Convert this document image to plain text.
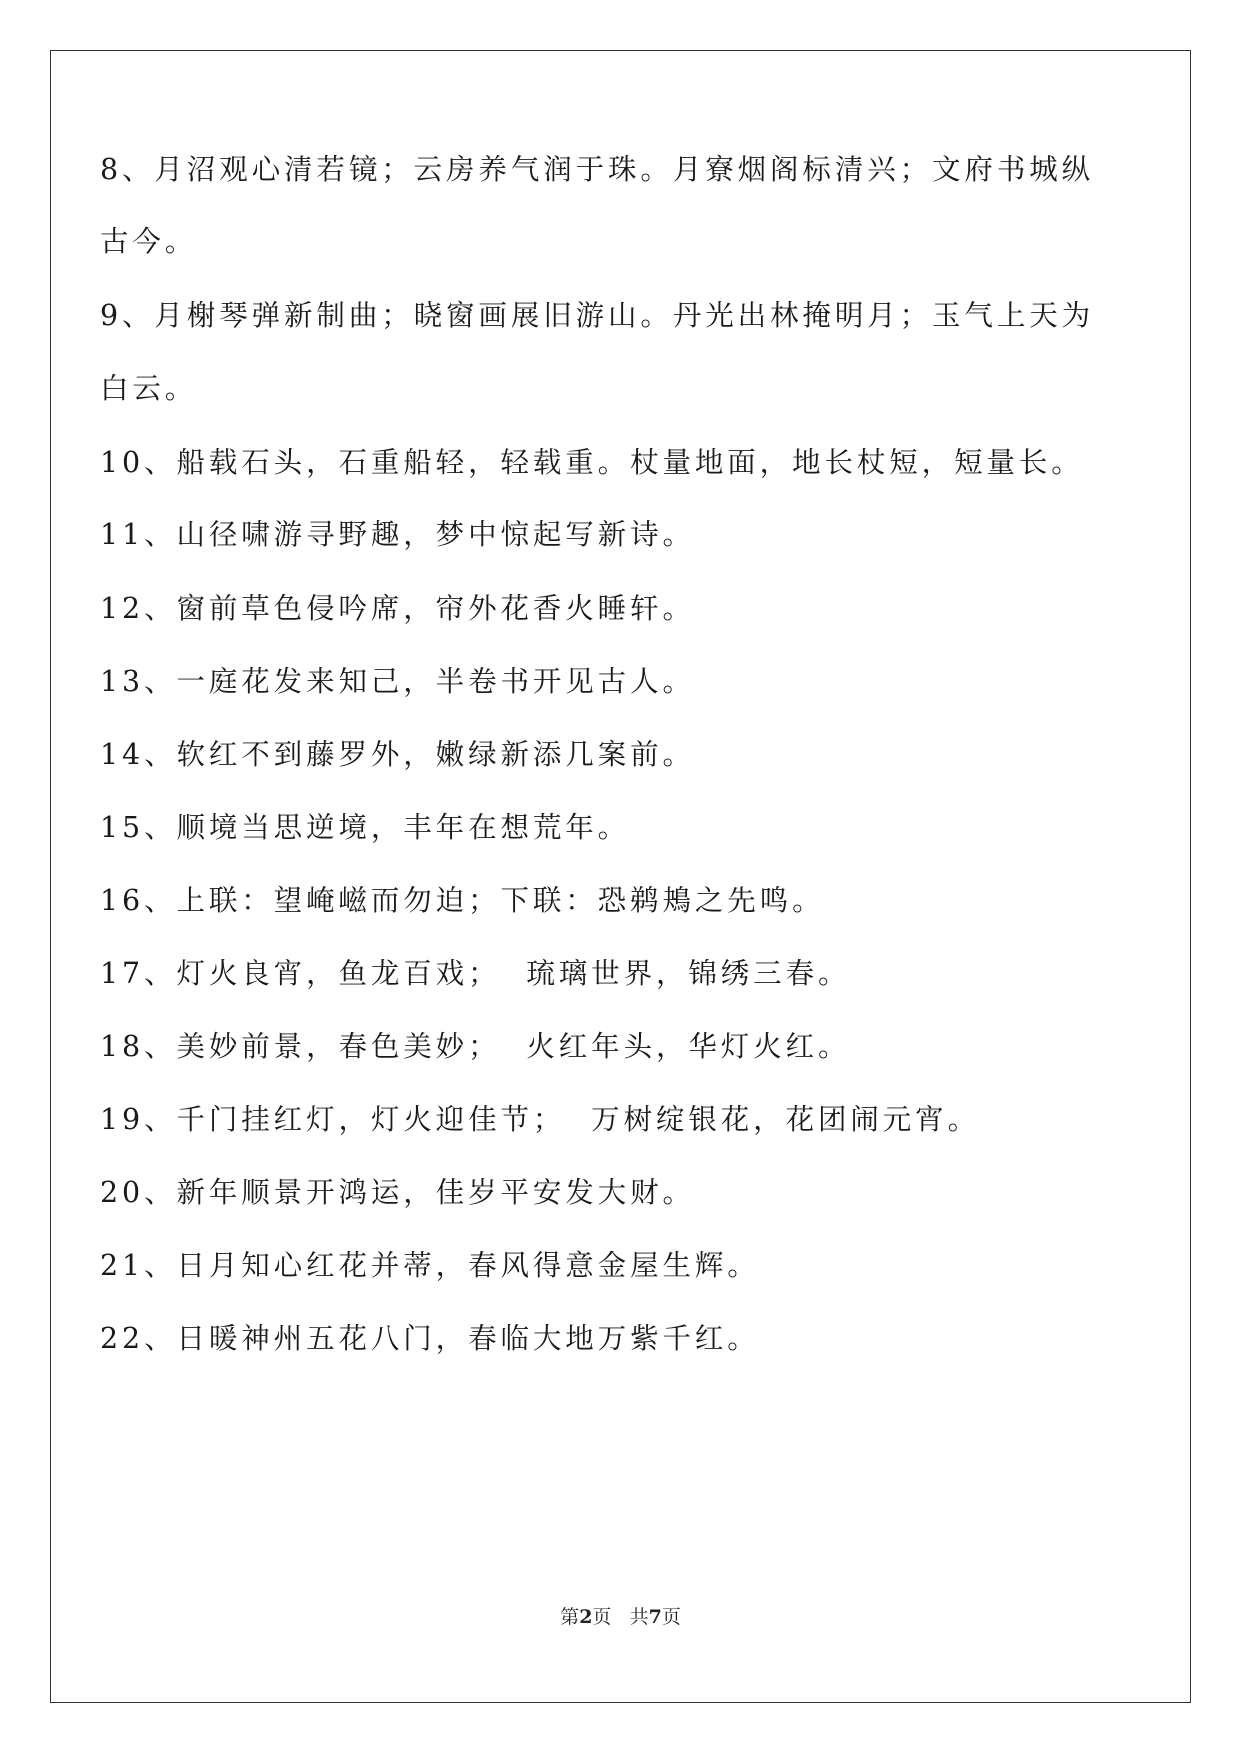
8、月沼观心清若镜；云房养气润于珠。月寮烟阁标清兴；文府书城纵
古今。
9、月榭琴弹新制曲；晓窗画展旧游山。丹光出林掩明月；玉气上天为
白云。
10、船载石头，石重船轻，轻载重。杖量地面，地长杖短，短量长。
11、山径啸游寻野趣，梦中惊起写新诗。
12、窗前草色侵吟席，帘外花香火睡轩。
13、一庭花发来知己，半卷书开见古人。
14、软红不到藤罗外，嫩绿新添几案前。
15、顺境当思逆境，丰年在想荒年。
16、上联：望崦嵫而勿迫；下联：恐鹈鴂之先鸣。
17、灯火良宵，鱼龙百戏；  琉璃世界，锦绣三春。
18、美妙前景，春色美妙；  火红年头，华灯火红。
19、千门挂红灯，灯火迎佳节；  万树绽银花，花团闹元宵。
20、新年顺景开鸿运，佳岁平安发大财。
21、日月知心红花并蒂，春风得意金屋生辉。
22、日暖神州五花八门，春临大地万紫千红。
第2页 共7页
